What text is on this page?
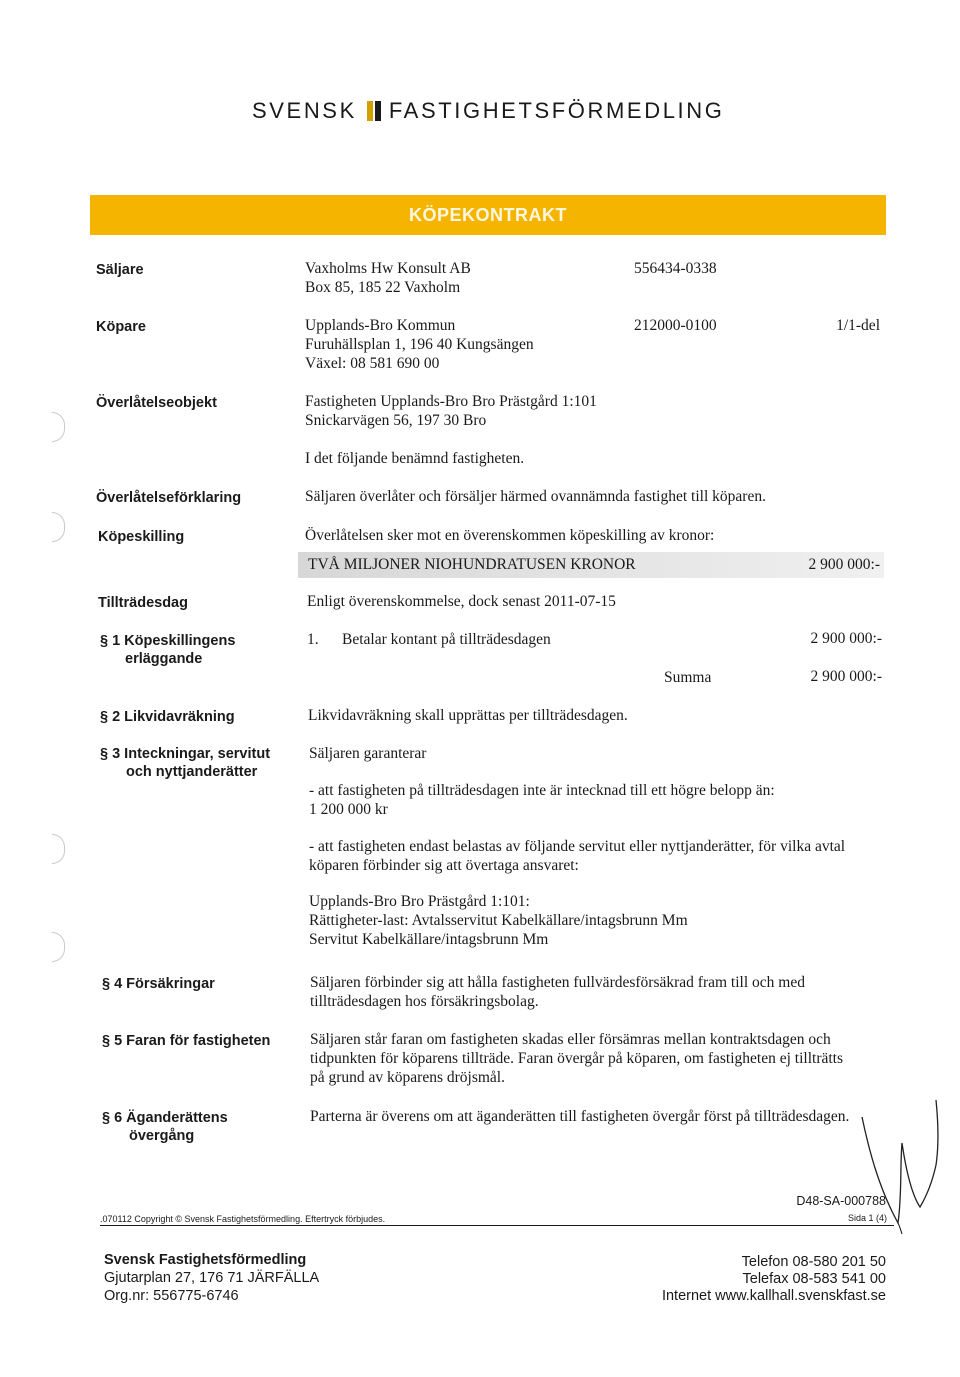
SVENSK FASTIGHETSFÖRMEDLING
KÖPEKONTRAKT
Säljare	Vaxholms Hw Konsult AB
Box 85, 185 22 Vaxholm
556434-0338
Köpare	Upplands-Bro Kommun
Furuhällsplan 1, 196 40 Kungsängen
Växel: 08 581 690 00
212000-0100	1/1-del
Överlåtelseobjekt	Fastigheten Upplands-Bro Bro Prästgård 1:101
Snickarvägen 56, 197 30 Bro
I det följande benämnd fastigheten.
Överlåtelseförklaring	Säljaren överlåter och försäljer härmed ovannämnda fastighet till köparen.
Köpeskilling	Överlåtelsen sker mot en överenskommen köpeskilling av kronor:
TVÅ MILJONER NIOHUNDRATUSEN KRONOR	2 900 000:-
Tillträdesdag	Enligt överenskommelse, dock senast 2011-07-15
§ 1 Köpeskillingens
erläggande
1. Betalar kontant på tillträdesdagen	2 900 000:-
Summa	2 900 000:-
§ 2 Likvidavräkning	Likvidavräkning skall upprättas per tillträdesdagen.
§ 3 Inteckningar, servitut
och nyttjanderätter
Säljaren garanterar
- att fastigheten på tillträdesdagen inte är intecknad till ett högre belopp än:
1 200 000 kr
- att fastigheten endast belastas av följande servitut eller nyttjanderätter, för vilka avtal
köparen förbinder sig att övertaga ansvaret:
Upplands-Bro Bro Prästgård 1:101:
Rättigheter-last: Avtalsservitut Kabelkällare/intagsbrunn Mm
Servitut Kabelkällare/intagsbrunn Mm
§ 4 Försäkringar	Säljaren förbinder sig att hålla fastigheten fullvärdesförsäkrad fram till och med
tillträdesdagen hos försäkringsbolag.
§ 5 Faran för fastigheten	Säljaren står faran om fastigheten skadas eller försämras mellan kontraktsdagen och
tidpunkten för köparens tillträde. Faran övergår på köparen, om fastigheten ej tillträtts
på grund av köparens dröjsmål.
§ 6 Äganderättens
övergång
Parterna är överens om att äganderätten till fastigheten övergår först på tillträdesdagen.
D48-SA-000788
.070112 Copyright © Svensk Fastighetsförmedling. Eftertryck förbjudes.	Sida 1 (4)
Svensk Fastighetsförmedling
Gjutarplan 27, 176 71 JÄRFÄLLA
Org.nr: 556775-6746
Telefon 08-580 201 50
Telefax 08-583 541 00
Internet www.kallhall.svenskfast.se
